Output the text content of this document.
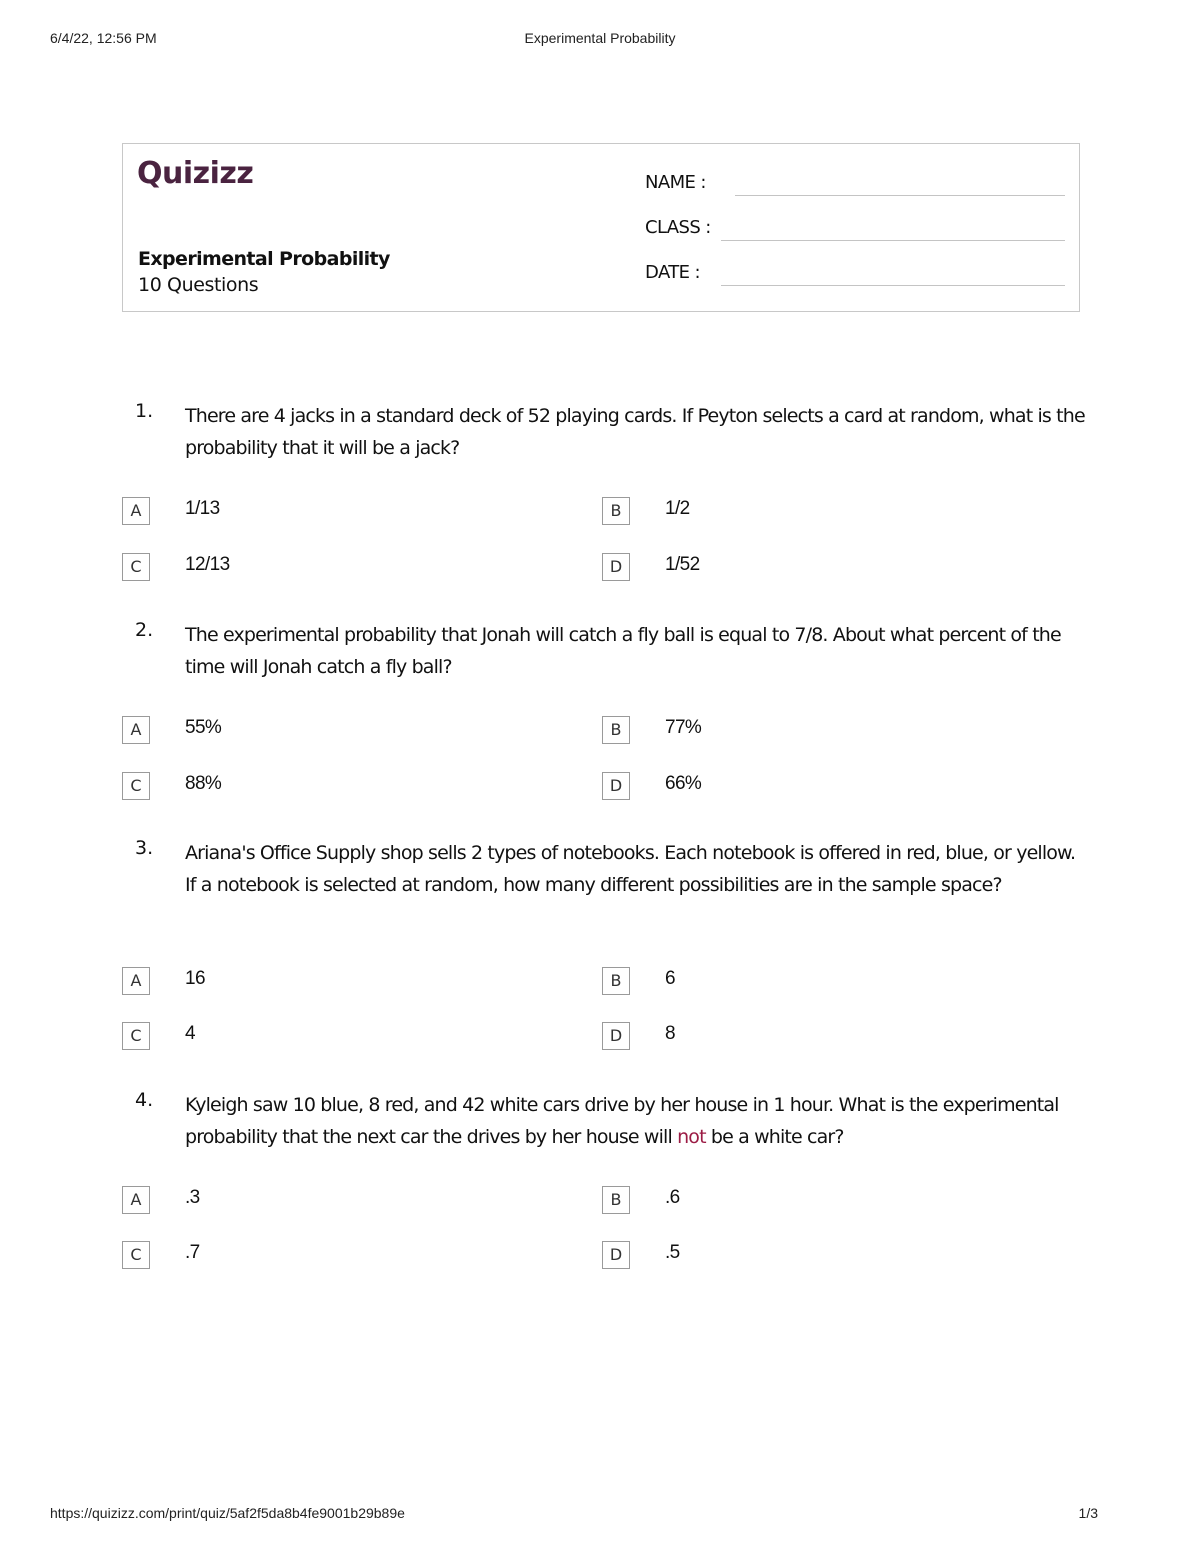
6/4/22, 12:56 PM	Experimental Probability
Quizizz
Experimental Probability
10 Questions
NAME :
CLASS :
DATE :
1. There are 4 jacks in a standard deck of 52 playing cards. If Peyton selects a card at random, what is the probability that it will be a jack?
A	1/13	B	1/2
C	12/13	D	1/52
2. The experimental probability that Jonah will catch a fly ball is equal to 7/8. About what percent of the time will Jonah catch a fly ball?
A	55%	B	77%
C	88%	D	66%
3. Ariana's Office Supply shop sells 2 types of notebooks. Each notebook is offered in red, blue, or yellow. If a notebook is selected at random, how many different possibilities are in the sample space?
A	16	B	6
C	4	D	8
4. Kyleigh saw 10 blue, 8 red, and 42 white cars drive by her house in 1 hour. What is the experimental probability that the next car the drives by her house will not be a white car?
A	.3	B	.6
C	.7	D	.5
https://quizizz.com/print/quiz/5af2f5da8b4fe9001b29b89e	1/3
